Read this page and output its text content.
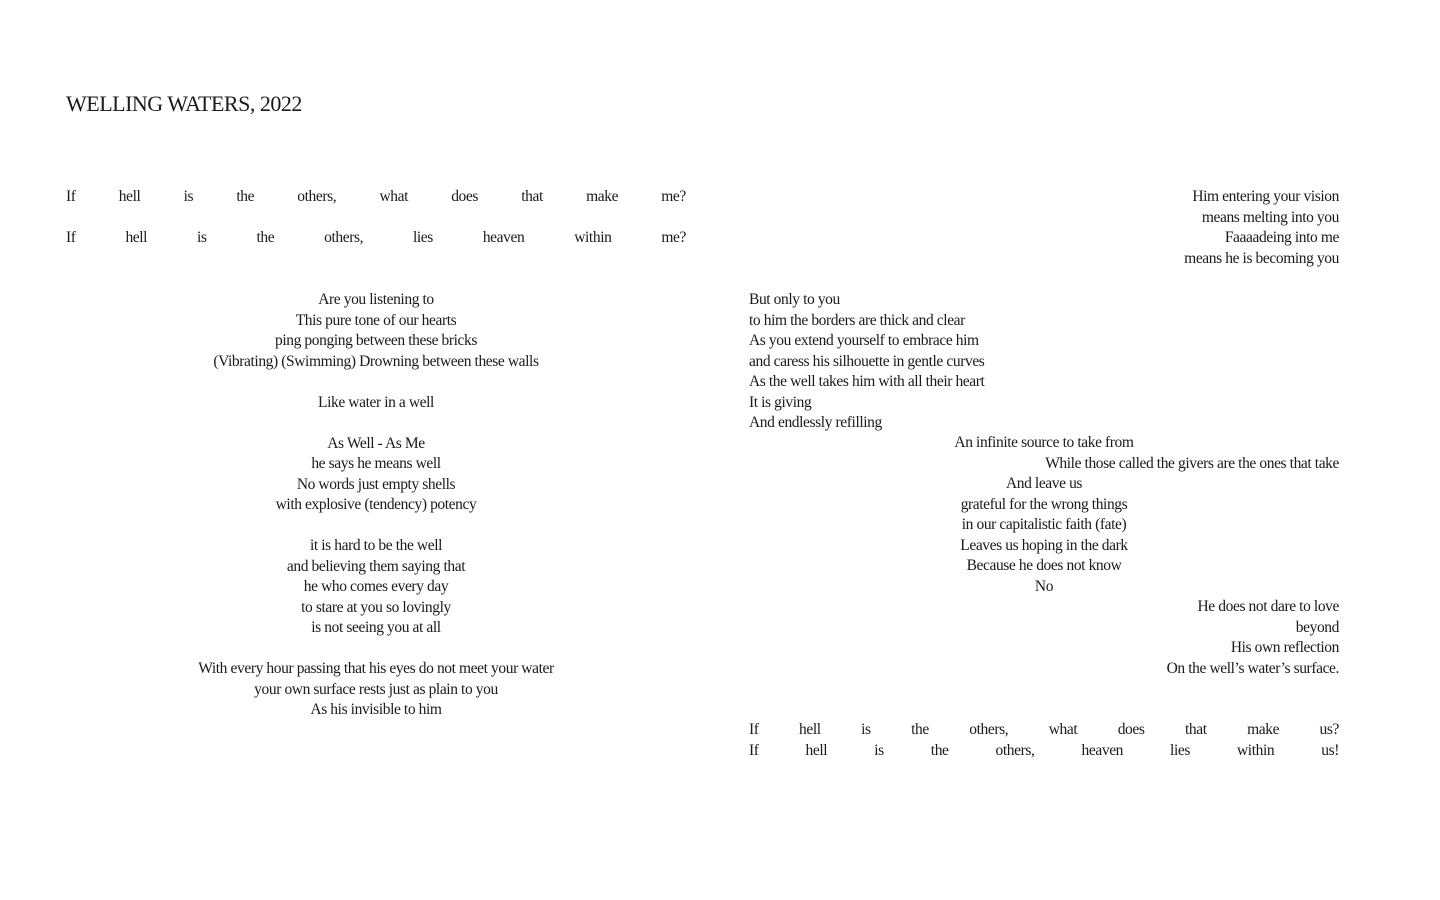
WELLING WATERS, 2022
If	hell	is	the	others,	what	does	that	make	me?
If	hell	is	the	others,	lies	heaven	within	me?
Are you listening to
This pure tone of our hearts
ping ponging between these bricks
(Vibrating) (Swimming) Drowning between these walls
Like water in a well
As Well - As Me
he says he means well
No words just empty shells
with explosive (tendency) potency
it is hard to be the well
and believing them saying that
he who comes every day
to stare at you so lovingly
is not seeing you at all
With every hour passing that his eyes do not meet your water
your own surface rests just as plain to you
As his invisible to him
Him entering your vision
means melting into you
Faaaadeing into me
means he is becoming you
But only to you
to him the borders are thick and clear
As you extend yourself to embrace him
and caress his silhouette in gentle curves
As the well takes him with all their heart
It is giving
And endlessly refilling
An infinite source to take from
While those called the givers are the ones that take
And leave us
grateful for the wrong things
in our capitalistic faith (fate)
Leaves us hoping in the dark
Because he does not know
No
He does not dare to love
beyond
His own reflection
On the well’s water’s surface.
If	hell	is	the	others,	what	does	that	make	us?
If	hell	is	the	others,	heaven	lies	within	us!
